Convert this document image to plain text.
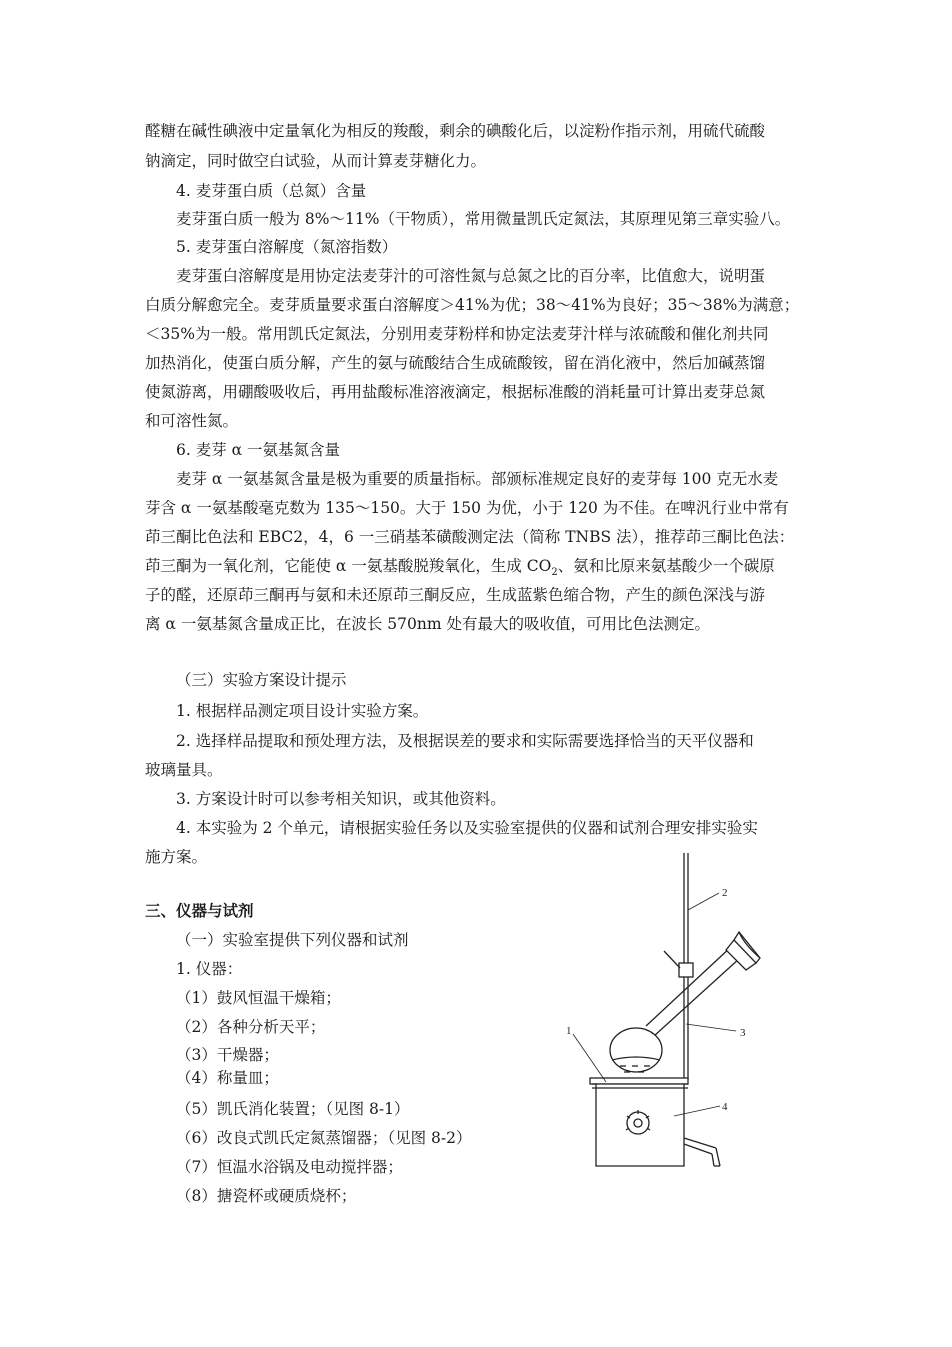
醛糖在碱性碘液中定量氧化为相反的羧酸，剩余的碘酸化后，以淀粉作指示剂，用硫代硫酸
钠滴定，同时做空白试验，从而计算麦芽糖化力。
4. 麦芽蛋白质（总氮）含量
麦芽蛋白质一般为 8%～11%（干物质），常用微量凯氏定氮法，其原理见第三章实验八。
5. 麦芽蛋白溶解度（氮溶指数）
麦芽蛋白溶解度是用协定法麦芽汁的可溶性氮与总氮之比的百分率，比值愈大，说明蛋
白质分解愈完全。麦芽质量要求蛋白溶解度＞41%为优；38～41%为良好；35～38%为满意；
＜35%为一般。常用凯氏定氮法，分别用麦芽粉样和协定法麦芽汁样与浓硫酸和催化剂共同
加热消化，使蛋白质分解，产生的氨与硫酸结合生成硫酸铵，留在消化液中，然后加碱蒸馏
使氮游离，用硼酸吸收后，再用盐酸标准溶液滴定，根据标准酸的消耗量可计算出麦芽总氮
和可溶性氮。
6. 麦芽 α 一氨基氮含量
麦芽 α 一氨基氮含量是极为重要的质量指标。部颁标准规定良好的麦芽每 100 克无水麦
芽含 α 一氨基酸毫克数为 135～150。大于 150 为优，小于 120 为不佳。在啤汎行业中常有
茚三酮比色法和 EBC2，4，6 一三硝基苯磺酸测定法（简称 TNBS 法），推荐茚三酮比色法：
茚三酮为一氧化剂，它能使 α 一氨基酸脱羧氧化，生成 $CO_2$、氨和比原来氨基酸少一个碳原
子的醛，还原茚三酮再与氨和未还原茚三酮反应，生成蓝紫色缩合物，产生的颜色深浅与游
离 α 一氨基氮含量成正比，在波长 570nm 处有最大的吸收值，可用比色法测定。
（三）实验方案设计提示
1. 根据样品测定项目设计实验方案。
2. 选择样品提取和预处理方法，及根据误差的要求和实际需要选择恰当的天平仪器和
玻璃量具。
3. 方案设计时可以参考相关知识，或其他资料。
4. 本实验为 2 个单元，请根据实验任务以及实验室提供的仪器和试剂合理安排实验实
施方案。
三、仪器与试剂
（一）实验室提供下列仪器和试剂
1. 仪器：
（1）鼓风恒温干燥箱；
（2）各种分析天平；
（3）干燥器；
（4）称量皿；
（5）凯氏消化装置；（见图 8-1）
（6）改良式凯氏定氮蒸馏器；（见图 8-2）
（7）恒温水浴锅及电动搅拌器；
（8）搪瓷杯或硬质烧杯；
1
2
3
4
